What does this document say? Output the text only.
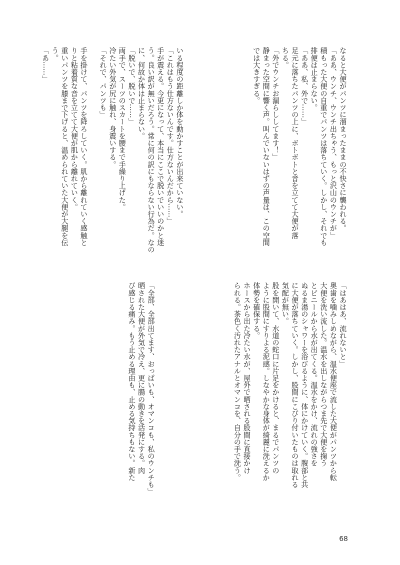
なると大便がパンツに溜まったままの不快さに襲われる。
「ああ、ウンチ、ウンチ出ちゃう、もっと沢山のウンチが」
積もった大便の自重でパンツは落ちていく。しかし、それでも
排便は止まらない。
「ああ、私、外で……」
足元に落ちたパンツの上に、ボトボトと音を立てて大便が落
ちる。
「外でウンチお漏らししてます！」
静まった空間に響く声。叫んでいないはずの声量は、この空間
では大きすぎる。

いる程度の距離しか体を動かすことが出来ていない。
「これはもう仕方ないんです。仕方ないんだから……」
手が震える。今更になって、本当にここで脱いでいいのかと迷
う。良い訳が無いだろう。常に何の訳にもならない行為だ。なの
に、何故か体は止まらない。
「脱いで、脱いで……」
両手で、スーツのスカートを腰まで手繰り上げた。
冷たい外気が尻に触れ、身震いする。
「それで、パンツも」

手を掛けて、パンツを降ろしていく。肌から離れていく感触と
りと粘着質な音を立てて大便が肌から離れていく。
重いパンツを膝まで下げると、温められていた大便が大腿を伝
う。
「あ……」
「はあはあ、流れないと」
奥歯を噛みしめながら、温水便座で流した大便がパンツから転
大便を洗い流した。温水を出しながらつま先で大便を掬う
とビニールから水が出てくる。温水をかけ、流れの強さを
ぬるま湯のシャワーを浴びるように、体にかけていく。腹部と共
に大便が落ちていく。しかし、股間にこびり付いたものは取れる
気配が無い。
股を開いて、水道の蛇口に片足をかけると、まるでパンツの
ように股間にすりよる泥感。しなやかな身体が綺麗に洗えるか
体勢を確保する。
ホースから出た冷たい水が、屋外で晒される股間に直接かけ
られる。茶色く汚れたアナルとオマンコを、自分の手で洗う。

「全部、全部出てます、おっぱいも、オマンコも、私のウンチも」
晒された大便が外気で冷え、更に腸の動きを活発にする。肉
び感じる痛み。もう止める理由も、止める気持ちもない。新た
68
